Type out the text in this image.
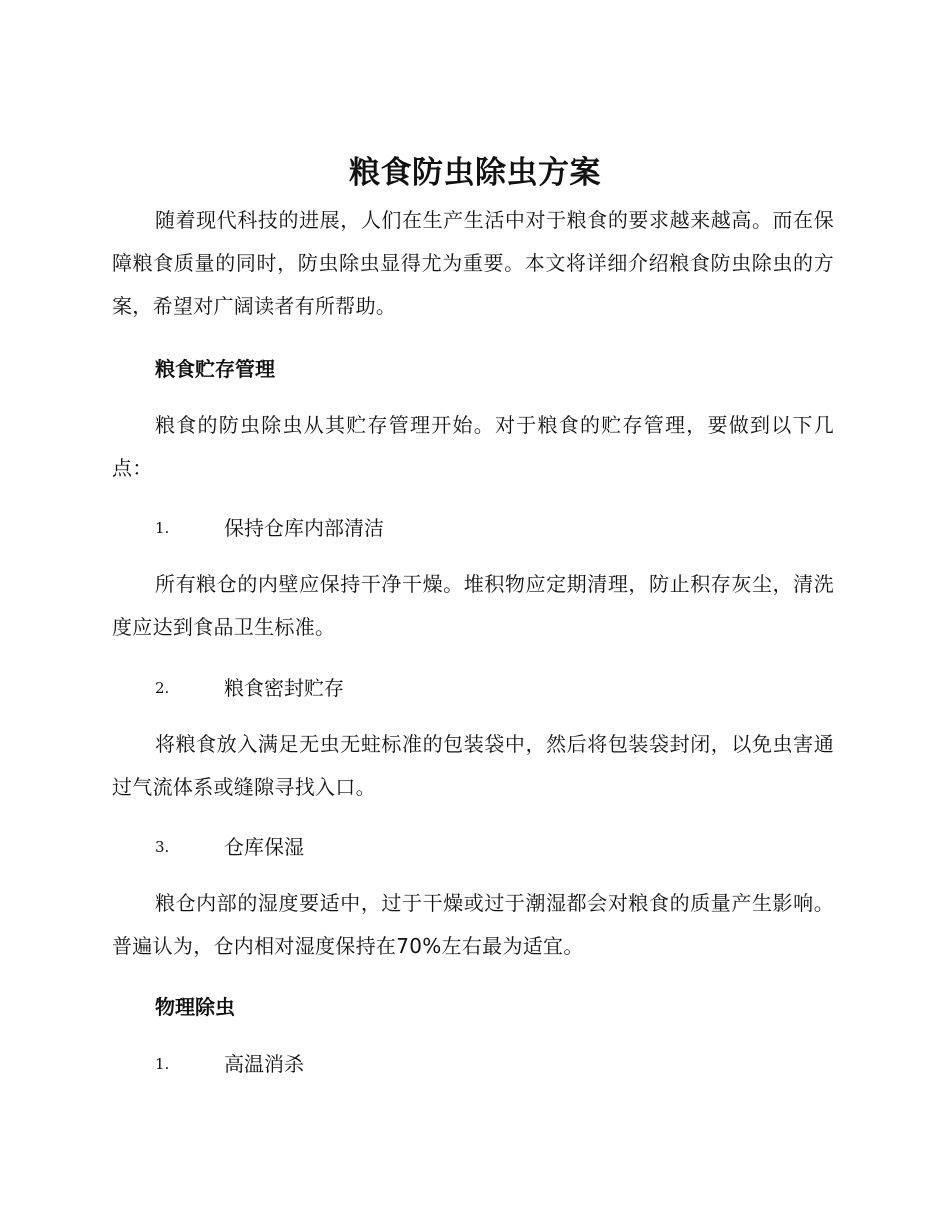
粮食防虫除虫方案
随着现代科技的进展，人们在生产生活中对于粮食的要求越来越高。而在保障粮食质量的同时，防虫除虫显得尤为重要。本文将详细介绍粮食防虫除虫的方案，希望对广阔读者有所帮助。
粮食贮存管理
粮食的防虫除虫从其贮存管理开始。对于粮食的贮存管理，要做到以下几点：
1.	保持仓库内部清洁
所有粮仓的内壁应保持干净干燥。堆积物应定期清理，防止积存灰尘，清洗度应达到食品卫生标准。
2.	粮食密封贮存
将粮食放入满足无虫无蛀标准的包装袋中，然后将包装袋封闭，以免虫害通过气流体系或缝隙寻找入口。
3.	仓库保湿
粮仓内部的湿度要适中，过于干燥或过于潮湿都会对粮食的质量产生影响。普遍认为，仓内相对湿度保持在70%左右最为适宜。
物理除虫
1.	高温消杀
